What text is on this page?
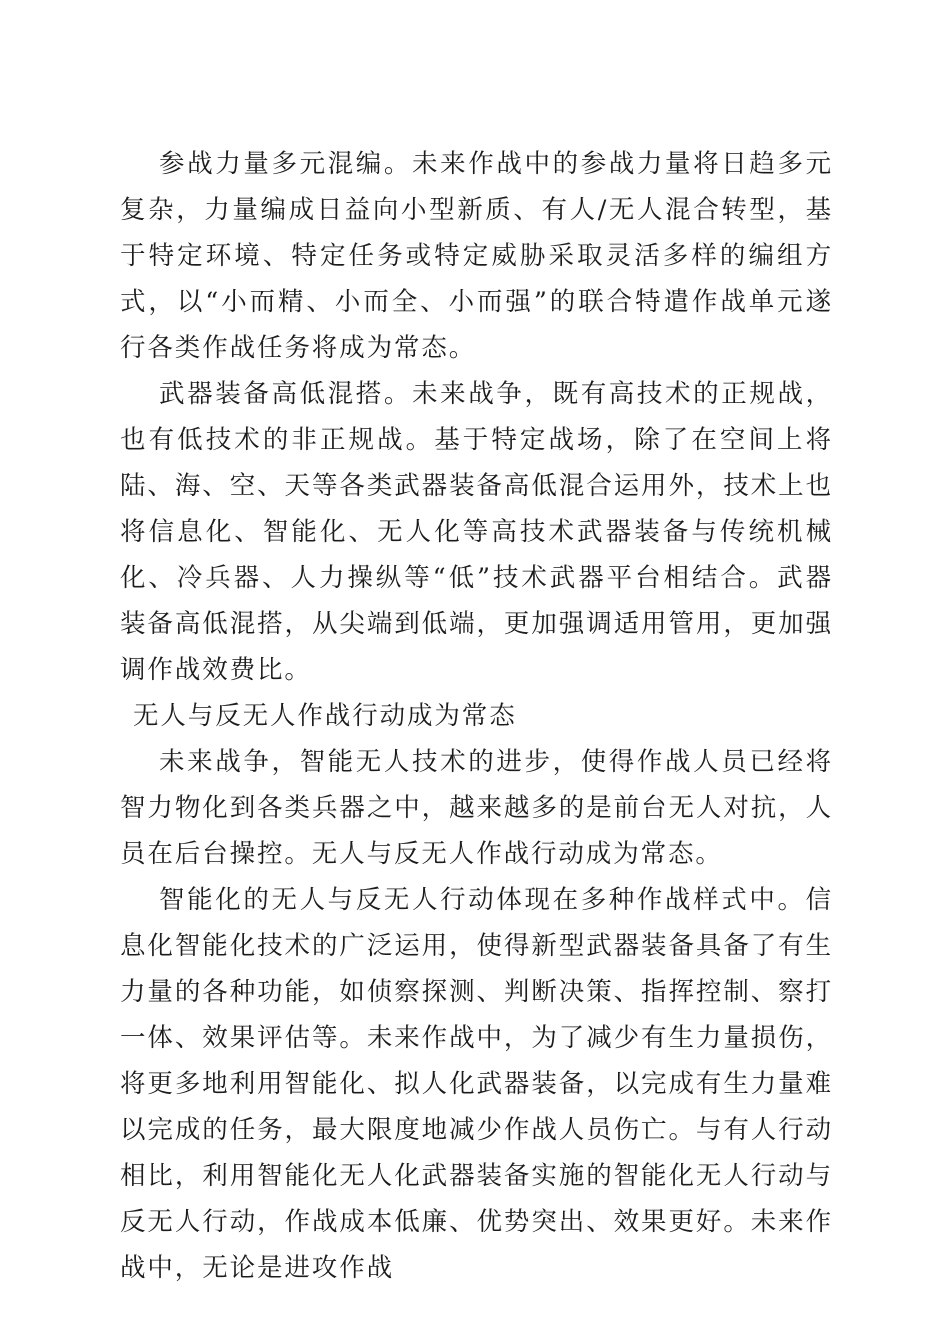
参战力量多元混编。未来作战中的参战力量将日趋多元复杂，力量编成日益向小型新质、有人/无人混合转型，基于特定环境、特定任务或特定威胁采取灵活多样的编组方式，以“小而精、小而全、小而强”的联合特遣作战单元遂行各类作战任务将成为常态。

武器装备高低混搭。未来战争，既有高技术的正规战，也有低技术的非正规战。基于特定战场，除了在空间上将陆、海、空、天等各类武器装备高低混合运用外，技术上也将信息化、智能化、无人化等高技术武器装备与传统机械化、冷兵器、人力操纵等“低”技术武器平台相结合。武器装备高低混搭，从尖端到低端，更加强调适用管用，更加强调作战效费比。

无人与反无人作战行动成为常态

未来战争，智能无人技术的进步，使得作战人员已经将智力物化到各类兵器之中，越来越多的是前台无人对抗，人员在后台操控。无人与反无人作战行动成为常态。

智能化的无人与反无人行动体现在多种作战样式中。信息化智能化技术的广泛运用，使得新型武器装备具备了有生力量的各种功能，如侦察探测、判断决策、指挥控制、察打一体、效果评估等。未来作战中，为了减少有生力量损伤，将更多地利用智能化、拟人化武器装备，以完成有生力量难以完成的任务，最大限度地减少作战人员伤亡。与有人行动相比，利用智能化无人化武器装备实施的智能化无人行动与反无人行动，作战成本低廉、优势突出、效果更好。未来作战中，无论是进攻作战
